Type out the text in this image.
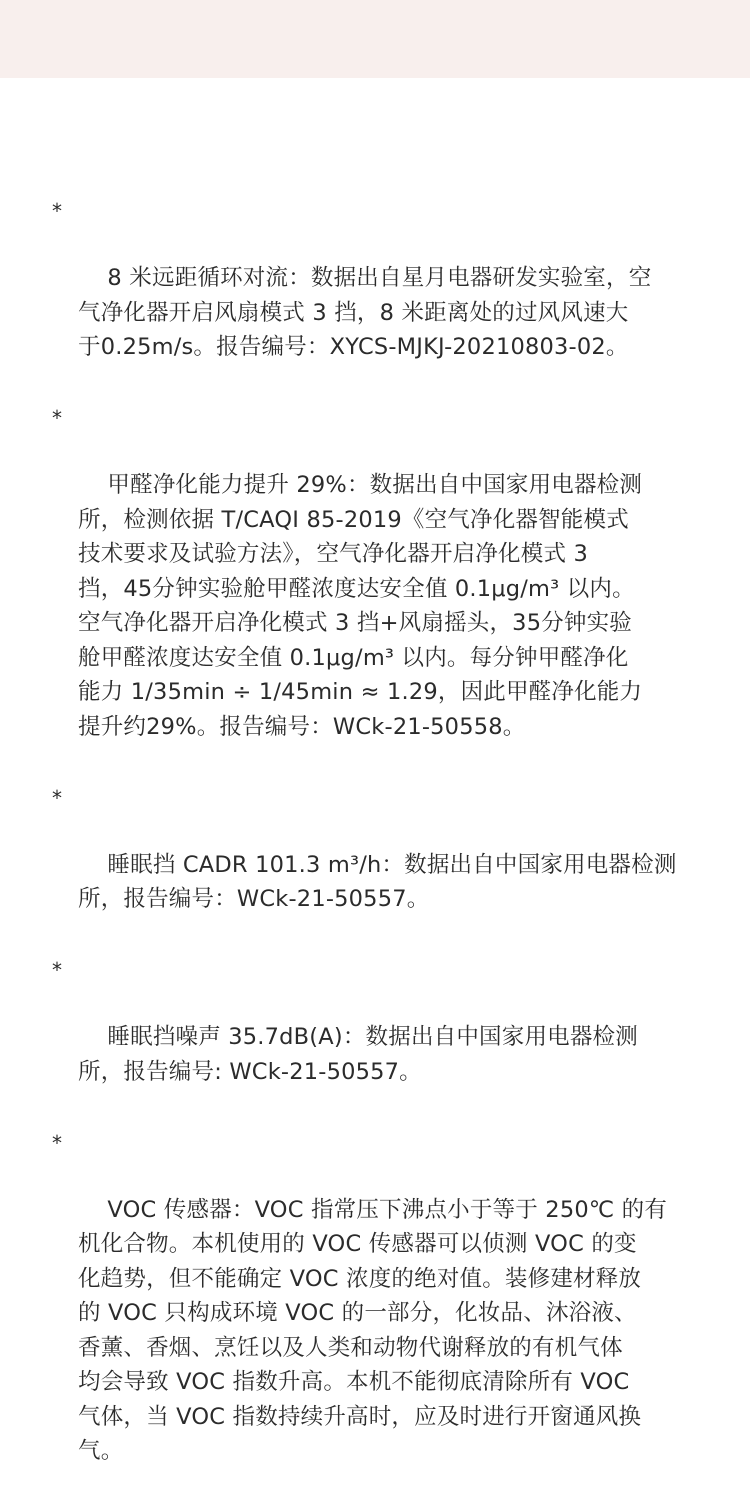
*

8 米远距循环对流：数据出自星月电器研发实验室，空
气净化器开启风扇模式 3 挡，8 米距离处的过风风速大
于0.25m/s。报告编号：XYCS-MJKJ-20210803-02。

*

甲醛净化能力提升 29%：数据出自中国家用电器检测
所，检测依据 T/CAQI 85-2019《空气净化器智能模式
技术要求及试验方法》，空气净化器开启净化模式 3
挡，45分钟实验舱甲醛浓度达安全值 0.1μg/m³ 以内。
空气净化器开启净化模式 3 挡+风扇摇头，35分钟实验
舱甲醛浓度达安全值 0.1μg/m³ 以内。每分钟甲醛净化
能力 1/35min ÷ 1/45min ≈ 1.29，因此甲醛净化能力
提升约29%。报告编号：WCk-21-50558。

*

睡眠挡 CADR 101.3 m³/h：数据出自中国家用电器检测
所，报告编号：WCk-21-50557。

*

睡眠挡噪声 35.7dB(A)：数据出自中国家用电器检测
所，报告编号: WCk-21-50557。

*

VOC 传感器：VOC 指常压下沸点小于等于 250℃ 的有
机化合物。本机使用的 VOC 传感器可以侦测 VOC 的变
化趋势，但不能确定 VOC 浓度的绝对值。装修建材释放
的 VOC 只构成环境 VOC 的一部分，化妆品、沐浴液、
香薰、香烟、烹饪以及人类和动物代谢释放的有机气体
均会导致 VOC 指数升高。本机不能彻底清除所有 VOC
气体，当 VOC 指数持续升高时，应及时进行开窗通风换
气。
